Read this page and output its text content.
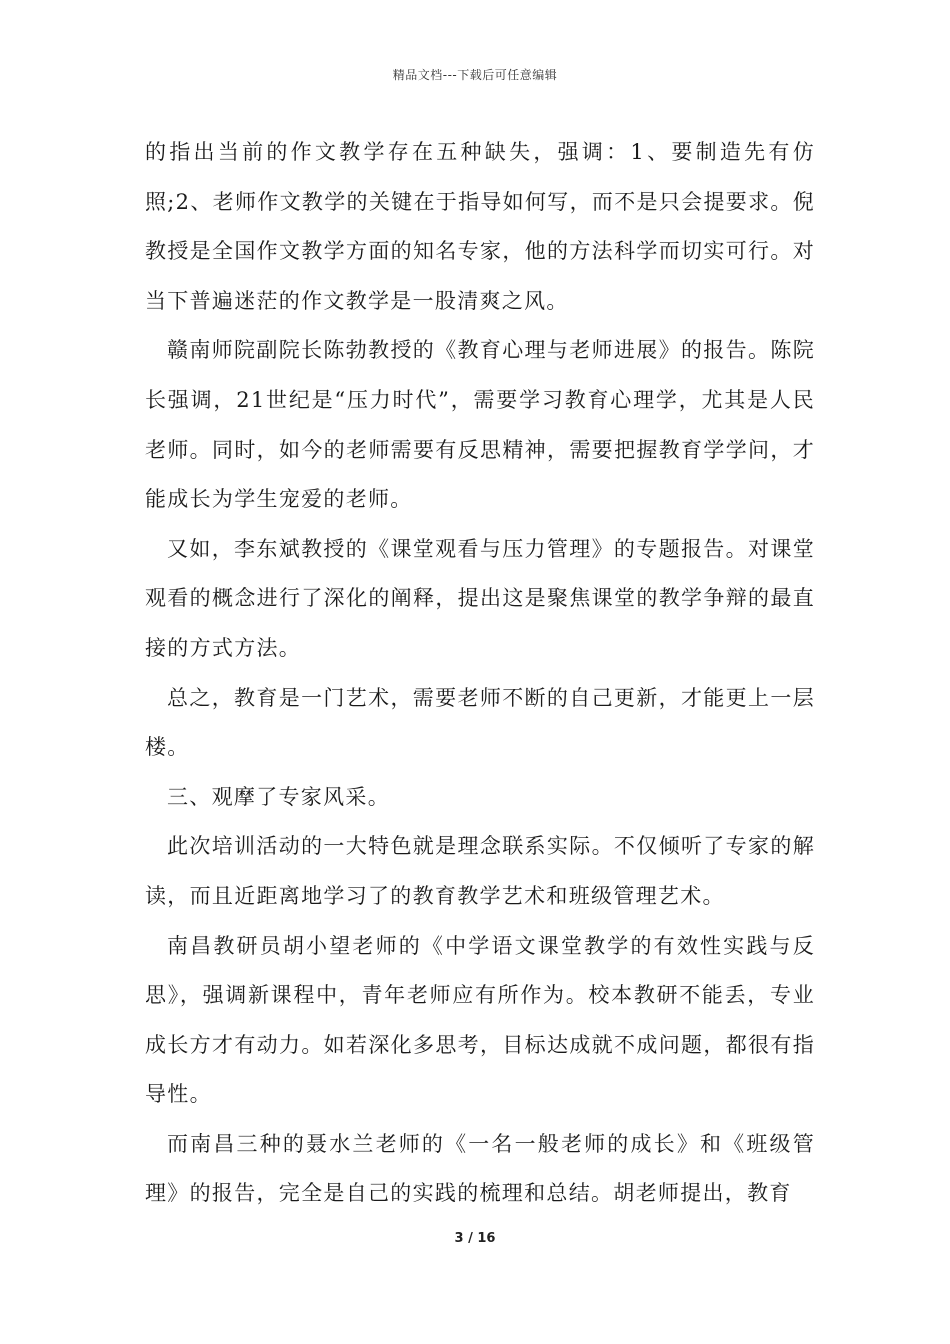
精品文档---下载后可任意编辑

的指出当前的作文教学存在五种缺失，强调：1、要制造先有仿照;2、老师作文教学的关键在于指导如何写，而不是只会提要求。倪教授是全国作文教学方面的知名专家，他的方法科学而切实可行。对当下普遍迷茫的作文教学是一股清爽之风。

赣南师院副院长陈勃教授的《教育心理与老师进展》的报告。陈院长强调，21世纪是“压力时代”，需要学习教育心理学，尤其是人民老师。同时，如今的老师需要有反思精神，需要把握教育学学问，才能成长为学生宠爱的老师。

又如，李东斌教授的《课堂观看与压力管理》的专题报告。对课堂观看的概念进行了深化的阐释，提出这是聚焦课堂的教学争辩的最直接的方式方法。

总之，教育是一门艺术，需要老师不断的自己更新，才能更上一层楼。

三、观摩了专家风采。

此次培训活动的一大特色就是理念联系实际。不仅倾听了专家的解读，而且近距离地学习了的教育教学艺术和班级管理艺术。

南昌教研员胡小望老师的《中学语文课堂教学的有效性实践与反思》，强调新课程中，青年老师应有所作为。校本教研不能丢，专业成长方才有动力。如若深化多思考，目标达成就不成问题，都很有指导性。

而南昌三种的聂水兰老师的《一名一般老师的成长》和《班级管理》的报告，完全是自己的实践的梳理和总结。胡老师提出，教育

3 / 16
